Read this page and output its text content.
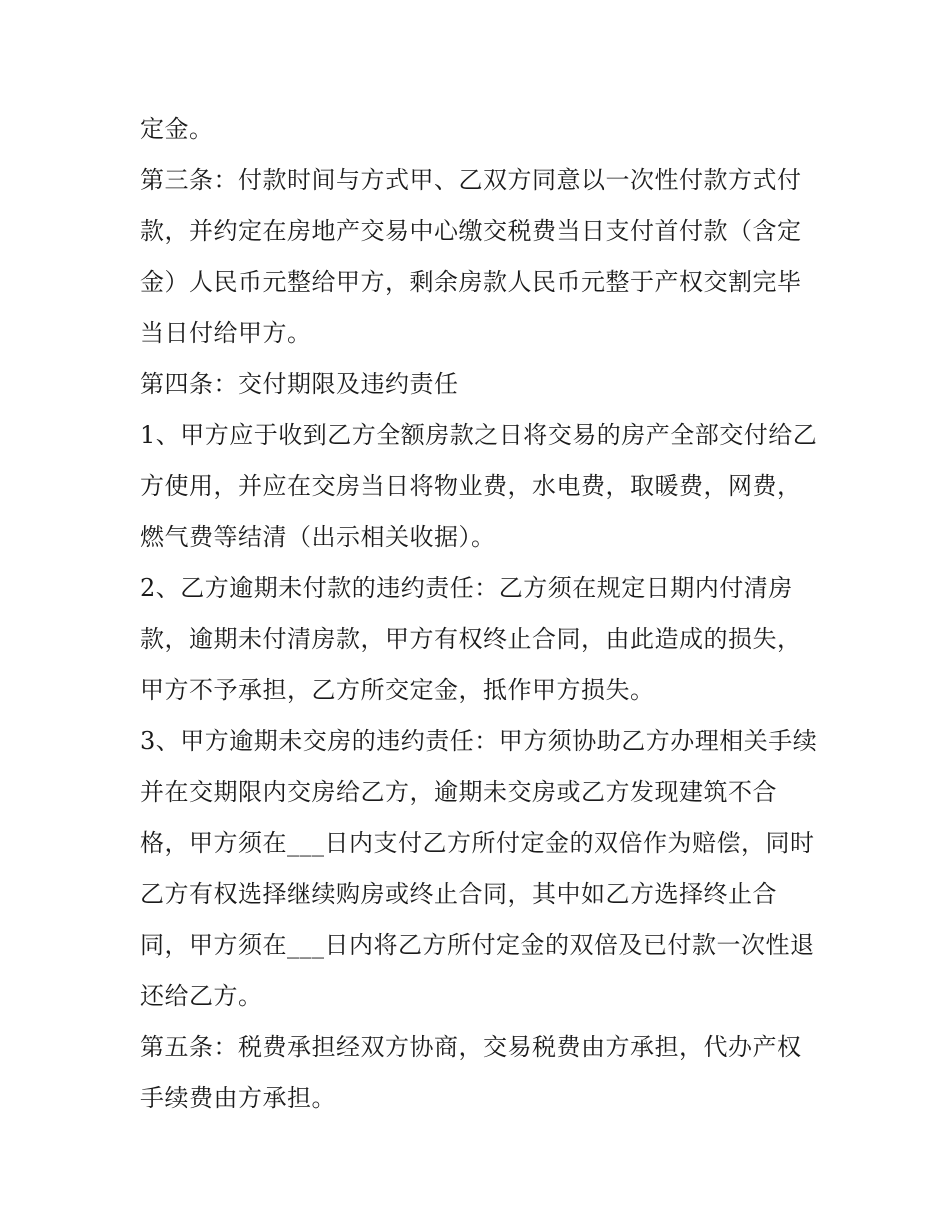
定金。

第三条：付款时间与方式甲、乙双方同意以一次性付款方式付款，并约定在房地产交易中心缴交税费当日支付首付款（含定金）人民币元整给甲方，剩余房款人民币元整于产权交割完毕当日付给甲方。

第四条：交付期限及违约责任

1、甲方应于收到乙方全额房款之日将交易的房产全部交付给乙方使用，并应在交房当日将物业费，水电费，取暖费，网费，燃气费等结清（出示相关收据）。

2、乙方逾期未付款的违约责任：乙方须在规定日期内付清房款，逾期未付清房款，甲方有权终止合同，由此造成的损失，甲方不予承担，乙方所交定金，抵作甲方损失。

3、甲方逾期未交房的违约责任：甲方须协助乙方办理相关手续并在交期限内交房给乙方，逾期未交房或乙方发现建筑不合格，甲方须在___日内支付乙方所付定金的双倍作为赔偿，同时乙方有权选择继续购房或终止合同，其中如乙方选择终止合同，甲方须在___日内将乙方所付定金的双倍及已付款一次性退还给乙方。

第五条：税费承担经双方协商，交易税费由方承担，代办产权手续费由方承担。
